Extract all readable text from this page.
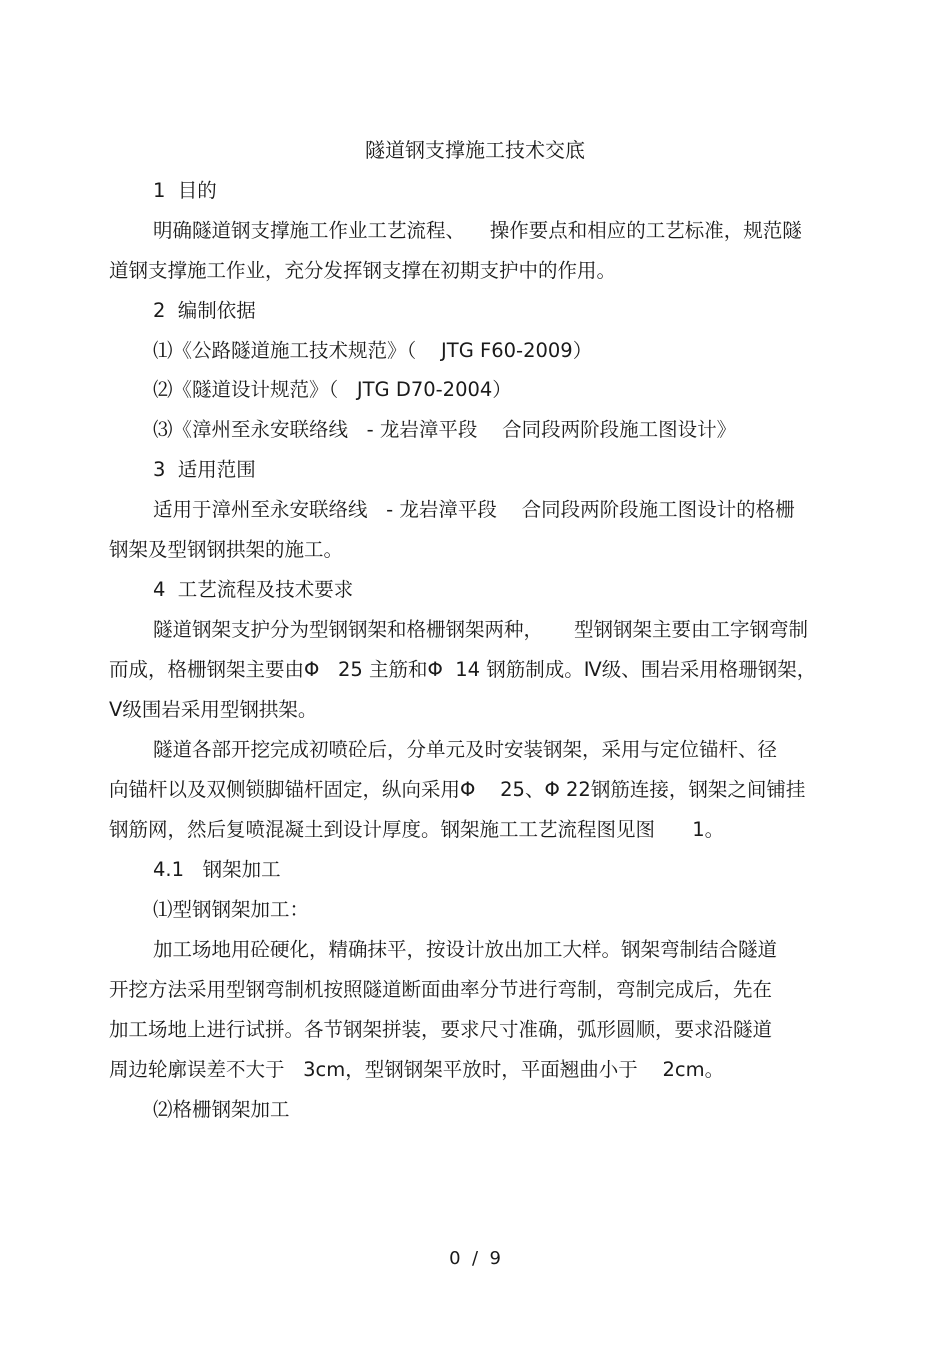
隧道钢支撑施工技术交底

1  目的

明确隧道钢支撑施工作业工艺流程、    操作要点和相应的工艺标准，规范隧

道钢支撑施工作业，充分发挥钢支撑在初期支护中的作用。

2  编制依据

⑴《公路隧道施工技术规范》（    JTG F60-2009）

⑵《隧道设计规范》（   JTG D70-2004）

⑶《漳州至永安联络线   - 龙岩漳平段    合同段两阶段施工图设计》

3  适用范围

适用于漳州至永安联络线   - 龙岩漳平段    合同段两阶段施工图设计的格栅

钢架及型钢钢拱架的施工。

4  工艺流程及技术要求

隧道钢架支护分为型钢钢架和格栅钢架两种，     型钢钢架主要由工字钢弯制

而成，格栅钢架主要由Φ   25 主筋和Φ  14 钢筋制成。Ⅳ级、围岩采用格珊钢架，

Ⅴ级围岩采用型钢拱架。

隧道各部开挖完成初喷砼后，分单元及时安装钢架，采用与定位锚杆、径

向锚杆以及双侧锁脚锚杆固定，纵向采用Φ    25、Φ 22钢筋连接，钢架之间铺挂

钢筋网，然后复喷混凝土到设计厚度。钢架施工工艺流程图见图      1。

4.1   钢架加工

⑴型钢钢架加工：

加工场地用砼硬化，精确抹平，按设计放出加工大样。钢架弯制结合隧道

开挖方法采用型钢弯制机按照隧道断面曲率分节进行弯制，弯制完成后，先在

加工场地上进行试拼。各节钢架拼装，要求尺寸准确，弧形圆顺，要求沿隧道

周边轮廓误差不大于   3cm，型钢钢架平放时，平面翘曲小于    2cm。

⑵格栅钢架加工

0  /  9
